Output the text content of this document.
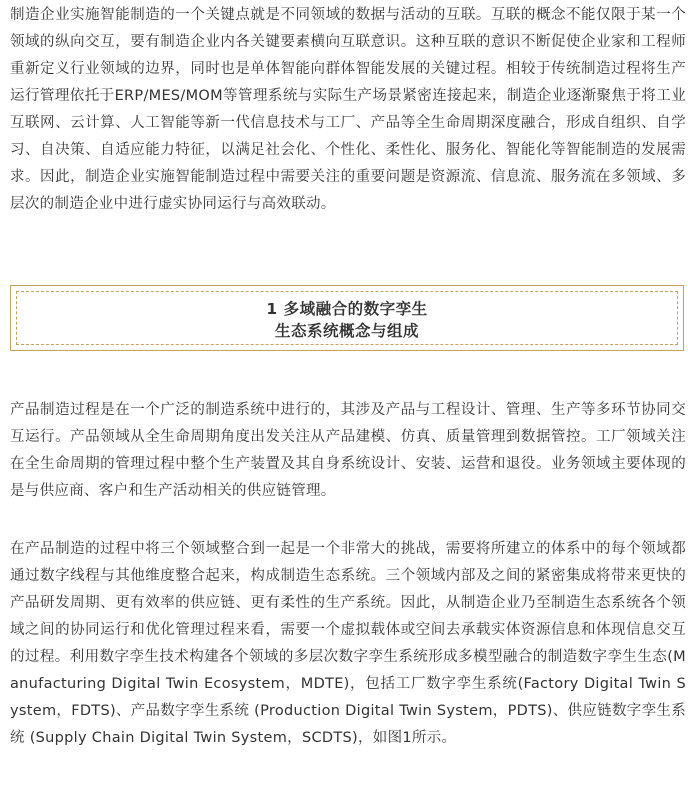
制造企业实施智能制造的一个关键点就是不同领域的数据与活动的互联。互联的概念不能仅限于某一个领域的纵向交互，要有制造企业内各关键要素横向互联意识。这种互联的意识不断促使企业家和工程师重新定义行业领域的边界，同时也是单体智能向群体智能发展的关键过程。相较于传统制造过程将生产运行管理依托于ERP/MES/MOM等管理系统与实际生产场景紧密连接起来，制造企业逐渐聚焦于将工业互联网、云计算、人工智能等新一代信息技术与工厂、产品等全生命周期深度融合，形成自组织、自学习、自决策、自适应能力特征，以满足社会化、个性化、柔性化、服务化、智能化等智能制造的发展需求。因此，制造企业实施智能制造过程中需要关注的重要问题是资源流、信息流、服务流在多领域、多层次的制造企业中进行虚实协同运行与高效联动。

1 多域融合的数字孪生
生态系统概念与组成

产品制造过程是在一个广泛的制造系统中进行的，其涉及产品与工程设计、管理、生产等多环节协同交互运行。产品领域从全生命周期角度出发关注从产品建模、仿真、质量管理到数据管控。工厂领域关注在全生命周期的管理过程中整个生产装置及其自身系统设计、安装、运营和退役。业务领域主要体现的是与供应商、客户和生产活动相关的供应链管理。

在产品制造的过程中将三个领域整合到一起是一个非常大的挑战，需要将所建立的体系中的每个领域都通过数字线程与其他维度整合起来，构成制造生态系统。三个领域内部及之间的紧密集成将带来更快的产品研发周期、更有效率的供应链、更有柔性的生产系统。因此，从制造企业乃至制造生态系统各个领域之间的协同运行和优化管理过程来看，需要一个虚拟载体或空间去承载实体资源信息和体现信息交互的过程。利用数字孪生技术构建各个领域的多层次数字孪生系统形成多模型融合的制造数字孪生生态(Manufacturing Digital Twin Ecosystem，MDTE)，包括工厂数字孪生系统(Factory Digital Twin System，FDTS)、产品数字孪生系统 (Production Digital Twin System，PDTS)、供应链数字孪生系统 (Supply Chain Digital Twin System，SCDTS)，如图1所示。
